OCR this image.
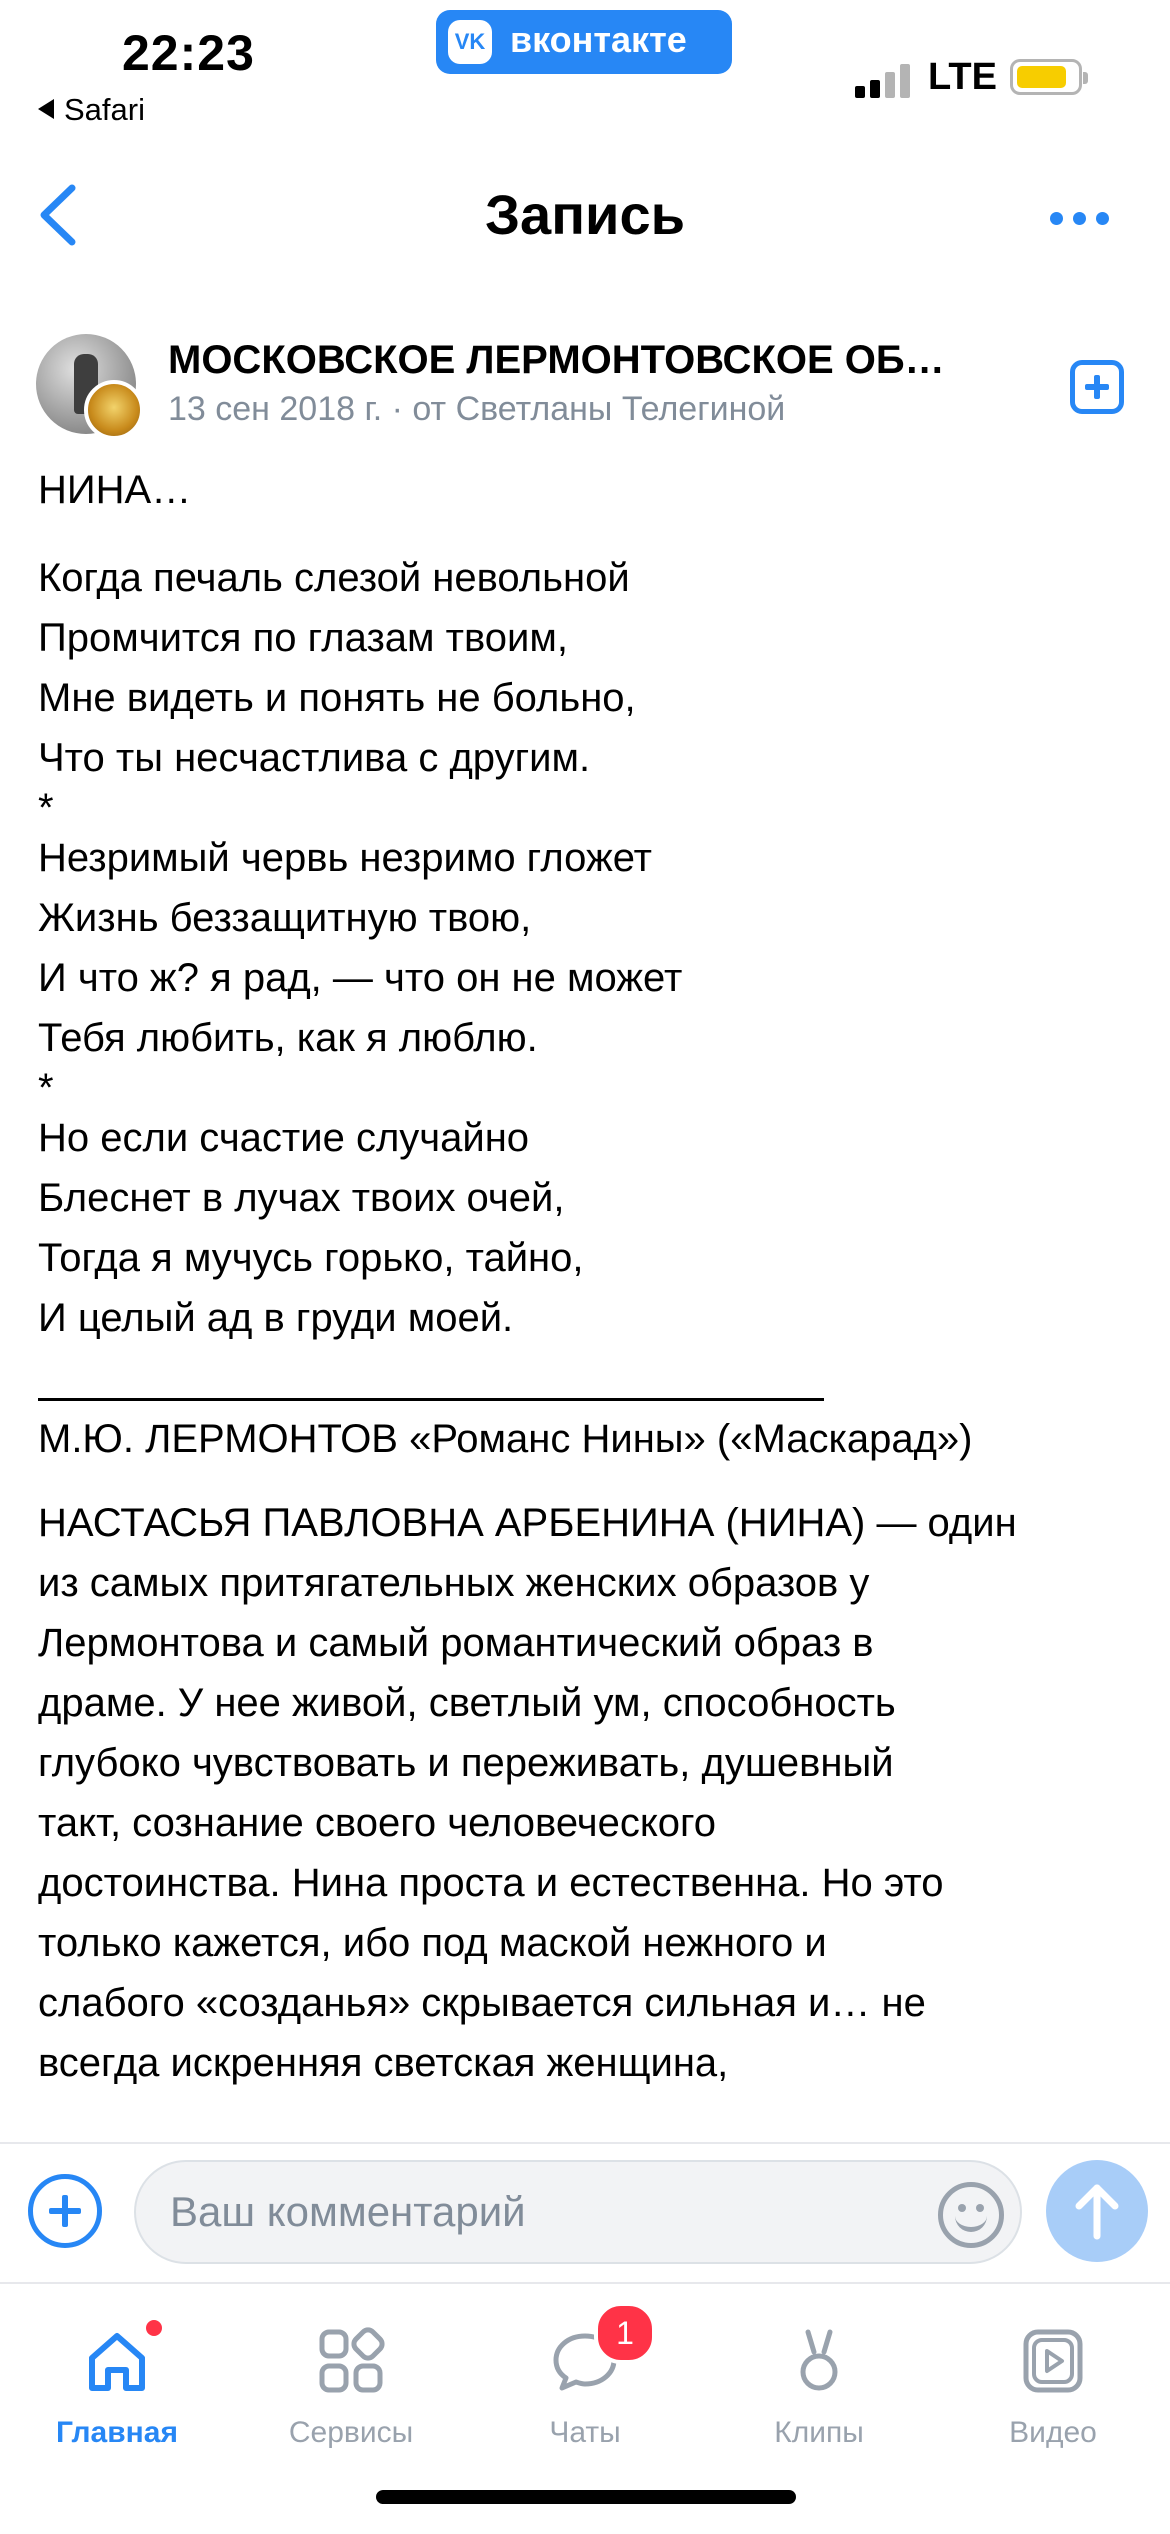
22:23
Safari
VK вконтакте
LTE
Запись
МОСКОВСКОЕ ЛЕРМОНТОВСКОЕ ОБ…
13 сен 2018 г. · от Светланы Телегиной
НИНА…
Когда печаль слезой невольной
Промчится по глазам твоим,
Мне видеть и понять не больно,
Что ты несчастлива с другим.
*
Незримый червь незримо гложет
Жизнь беззащитную твою,
И что ж? я рад, — что он не может
Тебя любить, как я люблю.
*
Но если счастие случайно
Блеснет в лучах твоих очей,
Тогда я мучусь горько, тайно,
И целый ад в груди моей.
М.Ю. ЛЕРМОНТОВ «Романс Нины» («Маскарад»)
НАСТАСЬЯ ПАВЛОВНА АРБЕНИНА (НИНА) — один
из самых притягательных женских образов у
Лермонтова и самый романтический образ в
драме. У нее живой, светлый ум, способность
глубоко чувствовать и переживать, душевный
такт, сознание своего человеческого
достоинства. Нина проста и естественна. Но это
только кажется, ибо под маской нежного и
слабого «созданья» скрывается сильная и… не
всегда искренняя светская женщина,
Ваш комментарий
Главная	Сервисы
1
Чаты	Клипы	Видео
